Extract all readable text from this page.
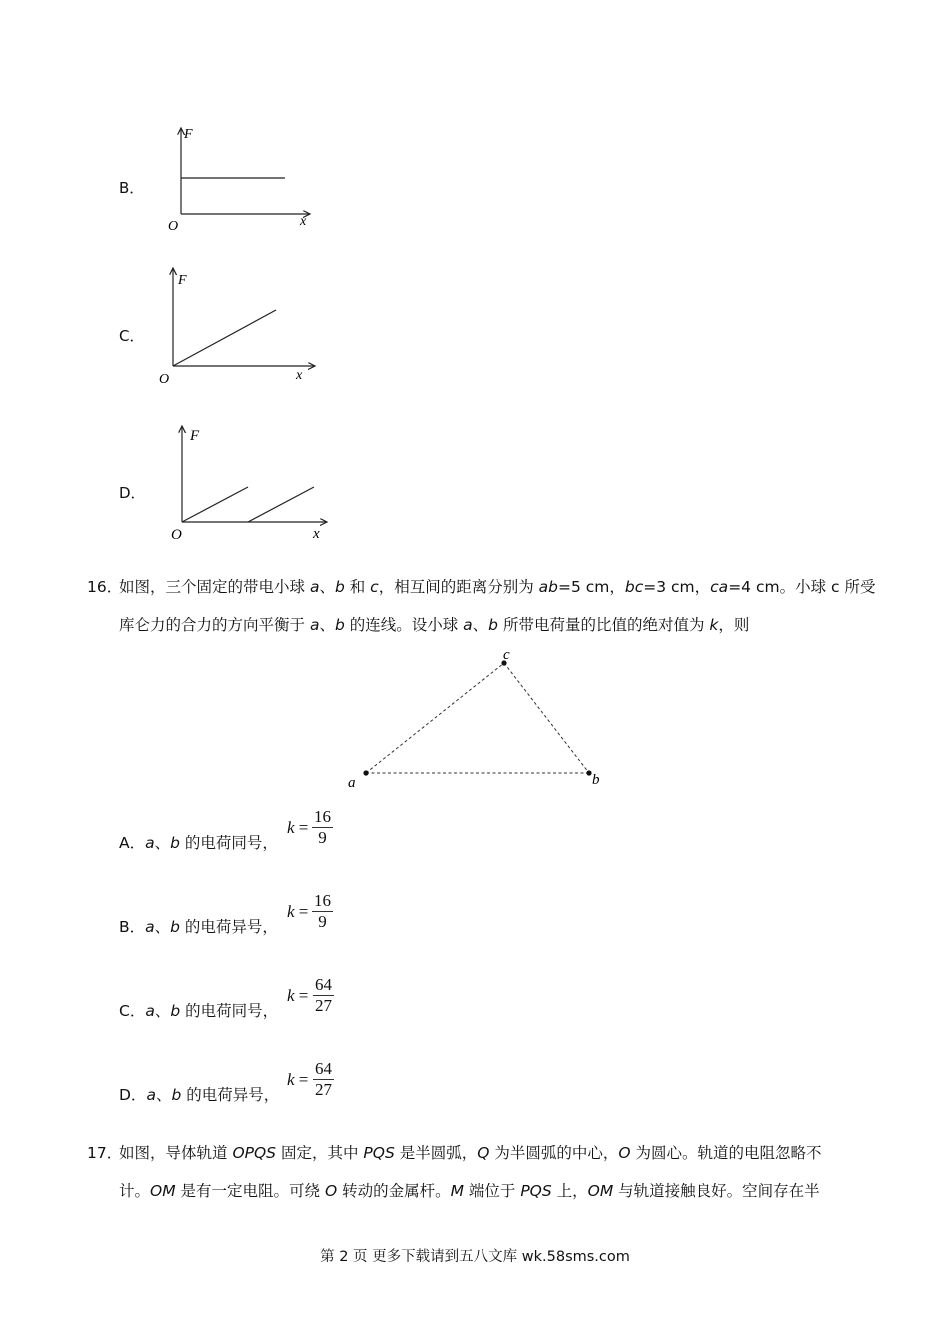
B．
F
x
O
C．
F
x
O
D．
F
x
O
16．
如图，三个固定的带电小球 a、b 和 c，相互间的距离分别为 ab=5 cm，bc=3 cm，ca=4 cm。小球 c 所受
库仑力的合力的方向平衡于 a、b 的连线。设小球 a、b 所带电荷量的比值的绝对值为 k，则
c
a	b
A．a、b 的电荷同号，
$k = \frac{16}{9}$
B．a、b 的电荷异号，
$k = \frac{16}{9}$
C．a、b 的电荷同号，
$k = \frac{64}{27}$
D．a、b 的电荷异号，
$k = \frac{64}{27}$
17．
如图，导体轨道 OPQS 固定，其中 PQS 是半圆弧，Q 为半圆弧的中心，O 为圆心。轨道的电阻忽略不
计。OM 是有一定电阻。可绕 O 转动的金属杆。M 端位于 PQS 上，OM 与轨道接触良好。空间存在半
第 2 页 更多下载请到五八文库 wk.58sms.com
